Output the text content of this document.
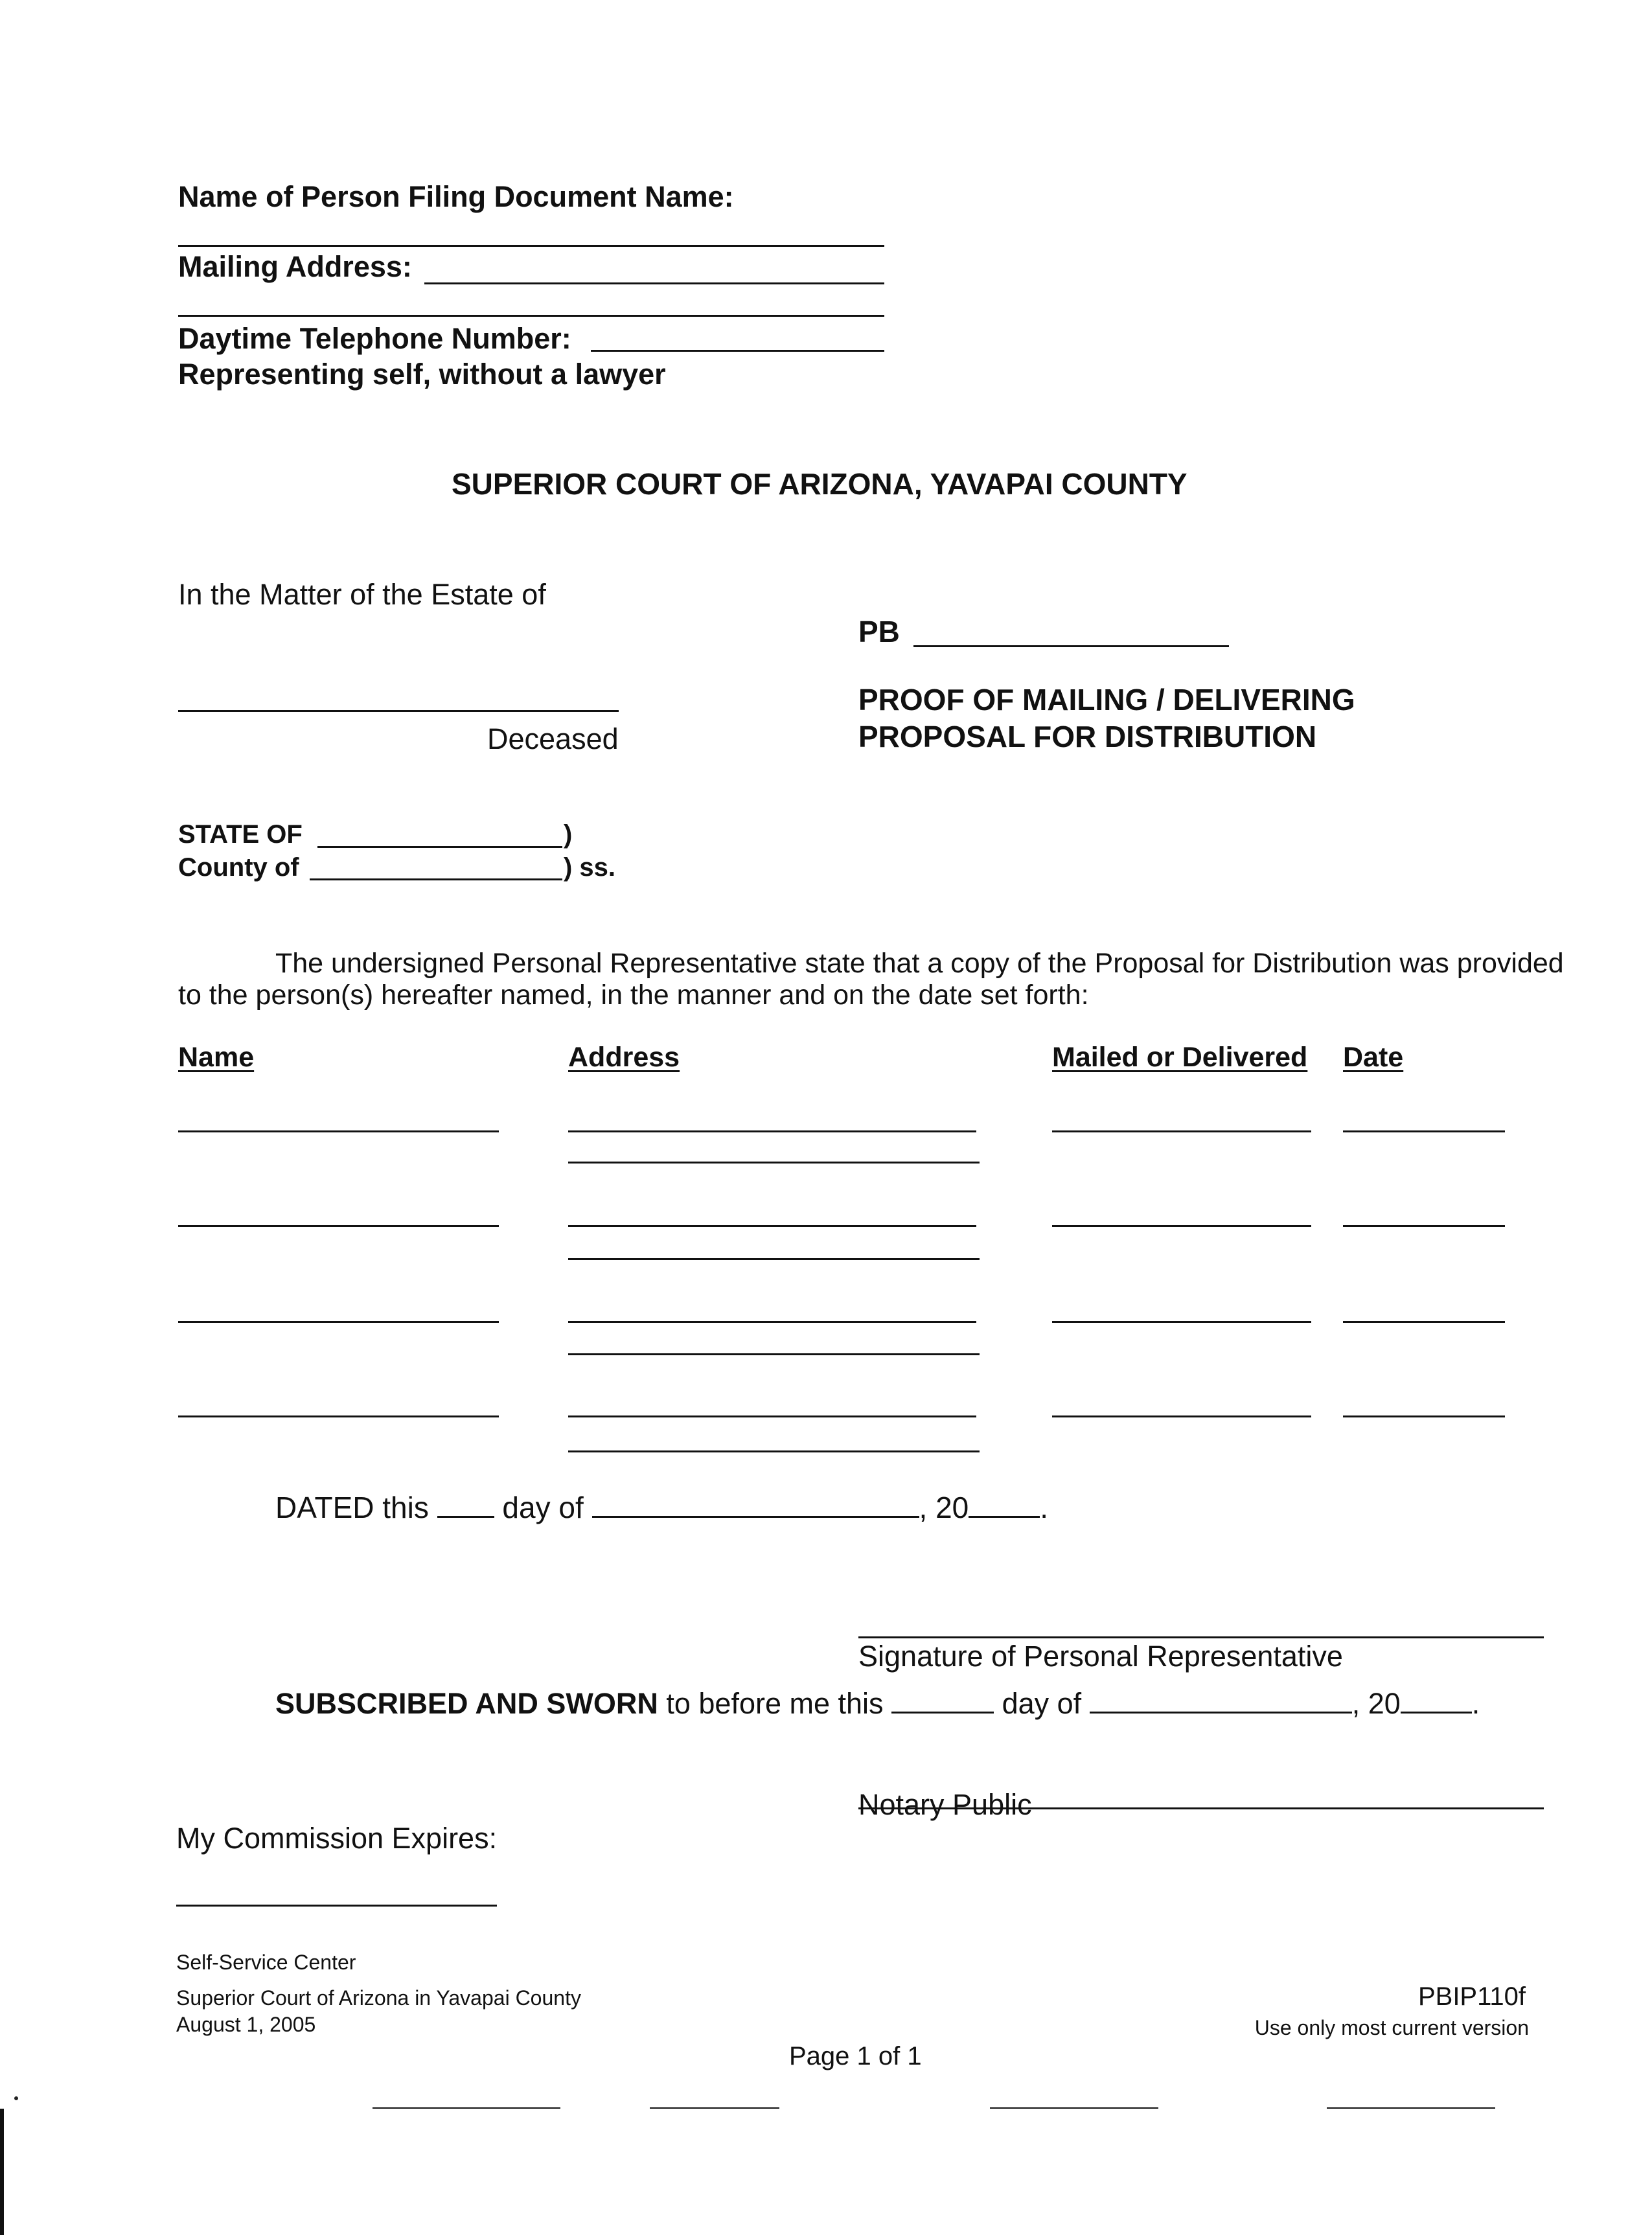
Name of Person Filing Document Name:
Mailing Address:
Daytime Telephone Number:
Representing self, without a lawyer
SUPERIOR COURT OF ARIZONA, YAVAPAI COUNTY
In the Matter of the Estate of
Deceased
PB
PROOF OF MAILING / DELIVERING
PROPOSAL FOR DISTRIBUTION
STATE OF	)
County of	) ss.
The undersigned Personal Representative state that a copy of the Proposal for Distribution was provided
to the person(s) hereafter named, in the manner and on the date set forth:
Name	Address	Mailed or Delivered Date
DATED this day of	, 20 .
Signature of Personal Representative
SUBSCRIBED AND SWORN to before me this	day of	, 20 .
Notary Public
My Commission Expires:
Self-Service Center
Superior Court of Arizona in Yavapai County
August 1, 2005
PBIP110f
Use only most current version
Page 1 of 1
